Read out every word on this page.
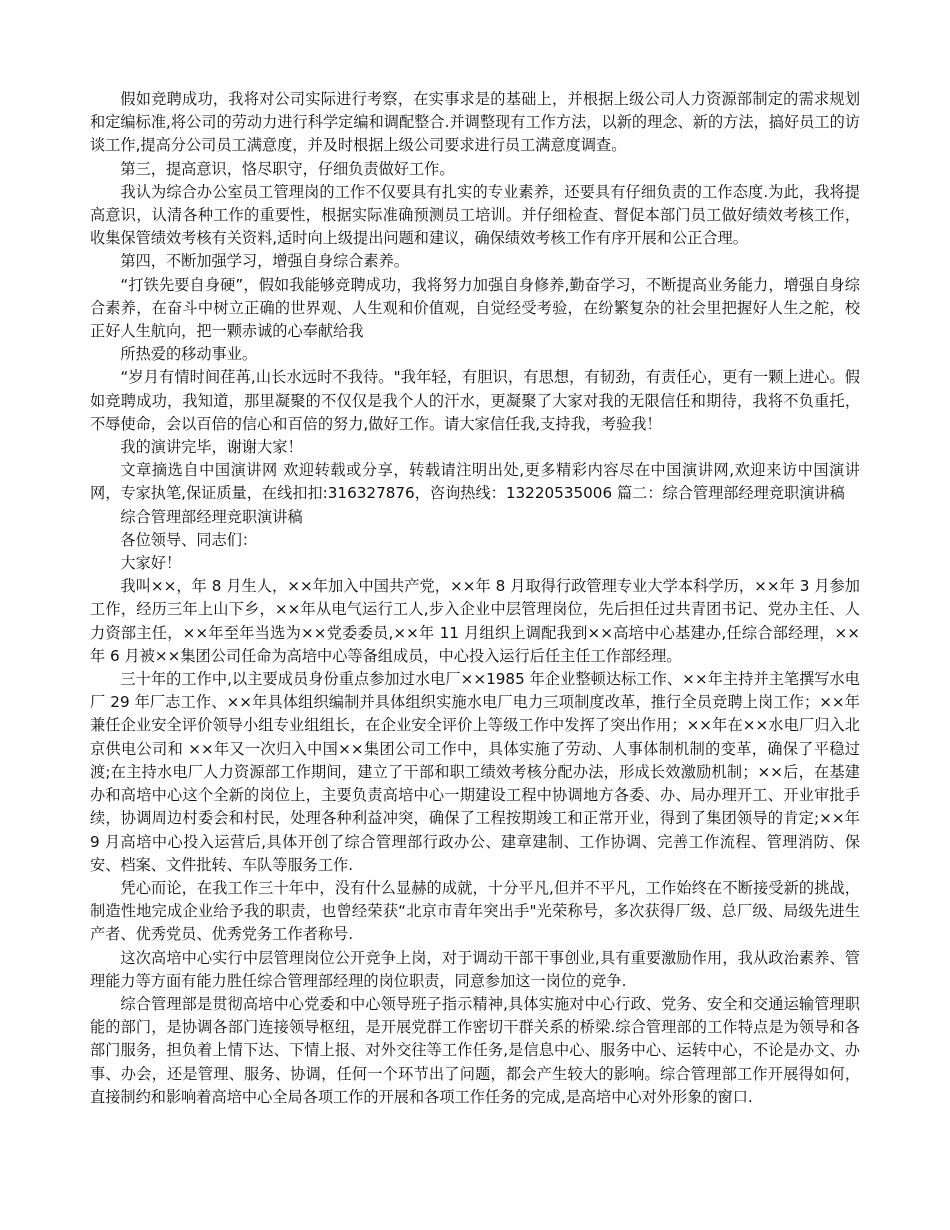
假如竞聘成功，我将对公司实际进行考察，在实事求是的基础上，并根据上级公司人力资源部制定的需求规划和定编标准,将公司的劳动力进行科学定编和调配整合.并调整现有工作方法，以新的理念、新的方法，搞好员工的访谈工作,提高分公司员工满意度，并及时根据上级公司要求进行员工满意度调查。

第三，提高意识，恪尽职守，仔细负责做好工作。

我认为综合办公室员工管理岗的工作不仅要具有扎实的专业素养，还要具有仔细负责的工作态度.为此，我将提高意识，认清各种工作的重要性，根据实际准确预测员工培训。并仔细检查、督促本部门员工做好绩效考核工作，收集保管绩效考核有关资料,适时向上级提出问题和建议，确保绩效考核工作有序开展和公正合理。

第四，不断加强学习，增强自身综合素养。

“打铁先要自身硬”，假如我能够竞聘成功，我将努力加强自身修养,勤奋学习，不断提高业务能力，增强自身综合素养，在奋斗中树立正确的世界观、人生观和价值观，自觉经受考验，在纷繁复杂的社会里把握好人生之舵，校正好人生航向，把一颗赤诚的心奉献给我

所热爱的移动事业。

“岁月有情时间荏苒,山长水远时不我待。"我年轻，有胆识，有思想，有韧劲，有责任心，更有一颗上进心。假如竞聘成功，我知道，那里凝聚的不仅仅是我个人的汗水，更凝聚了大家对我的无限信任和期待，我将不负重托，不辱使命，会以百倍的信心和百倍的努力,做好工作。请大家信任我,支持我，考验我！

我的演讲完毕，谢谢大家！

文章摘选自中国演讲网 欢迎转载或分享，转载请注明出处,更多精彩内容尽在中国演讲网,欢迎来访中国演讲网，专家执笔,保证质量，在线扣扣:316327876，咨询热线：13220535006 篇二：综合管理部经理竞职演讲稿

综合管理部经理竞职演讲稿

各位领导、同志们：

大家好！

我叫××，年 8 月生人，××年加入中国共产党，××年 8 月取得行政管理专业大学本科学历，××年 3 月参加工作，经历三年上山下乡，××年从电气运行工人,步入企业中层管理岗位，先后担任过共青团书记、党办主任、人力资部主任，××年至年当选为××党委委员,××年 11 月组织上调配我到××高培中心基建办,任综合部经理，××年 6 月被××集团公司任命为高培中心等备组成员，中心投入运行后任主任工作部经理。

三十年的工作中,以主要成员身份重点参加过水电厂××1985 年企业整顿达标工作、××年主持并主笔撰写水电厂 29 年厂志工作、××年具体组织编制并具体组织实施水电厂电力三项制度改革，推行全员竞聘上岗工作；××年兼任企业安全评价领导小组专业组组长，在企业安全评价上等级工作中发挥了突出作用；××年在××水电厂归入北京供电公司和 ××年又一次归入中国××集团公司工作中，具体实施了劳动、人事体制机制的变革，确保了平稳过渡;在主持水电厂人力资源部工作期间，建立了干部和职工绩效考核分配办法，形成长效激励机制；××后，在基建办和高培中心这个全新的岗位上，主要负责高培中心一期建设工程中协调地方各委、办、局办理开工、开业审批手续，协调周边村委会和村民，处理各种利益冲突，确保了工程按期竣工和正常开业，得到了集团领导的肯定;××年 9 月高培中心投入运营后,具体开创了综合管理部行政办公、建章建制、工作协调、完善工作流程、管理消防、保安、档案、文件批转、车队等服务工作.

凭心而论，在我工作三十年中，没有什么显赫的成就，十分平凡,但并不平凡，工作始终在不断接受新的挑战，制造性地完成企业给予我的职责，也曾经荣获“北京市青年突出手"光荣称号，多次获得厂级、总厂级、局级先进生产者、优秀党员、优秀党务工作者称号.

这次高培中心实行中层管理岗位公开竞争上岗，对于调动干部干事创业,具有重要激励作用，我从政治素养、管理能力等方面有能力胜任综合管理部经理的岗位职责，同意参加这一岗位的竞争.

综合管理部是贯彻高培中心党委和中心领导班子指示精神,具体实施对中心行政、党务、安全和交通运输管理职能的部门，是协调各部门连接领导枢纽，是开展党群工作密切干群关系的桥梁.综合管理部的工作特点是为领导和各部门服务，担负着上情下达、下情上报、对外交往等工作任务,是信息中心、服务中心、运转中心，不论是办文、办事、办会，还是管理、服务、协调，任何一个环节出了问题，都会产生较大的影响。综合管理部工作开展得如何，直接制约和影响着高培中心全局各项工作的开展和各项工作任务的完成,是高培中心对外形象的窗口.
